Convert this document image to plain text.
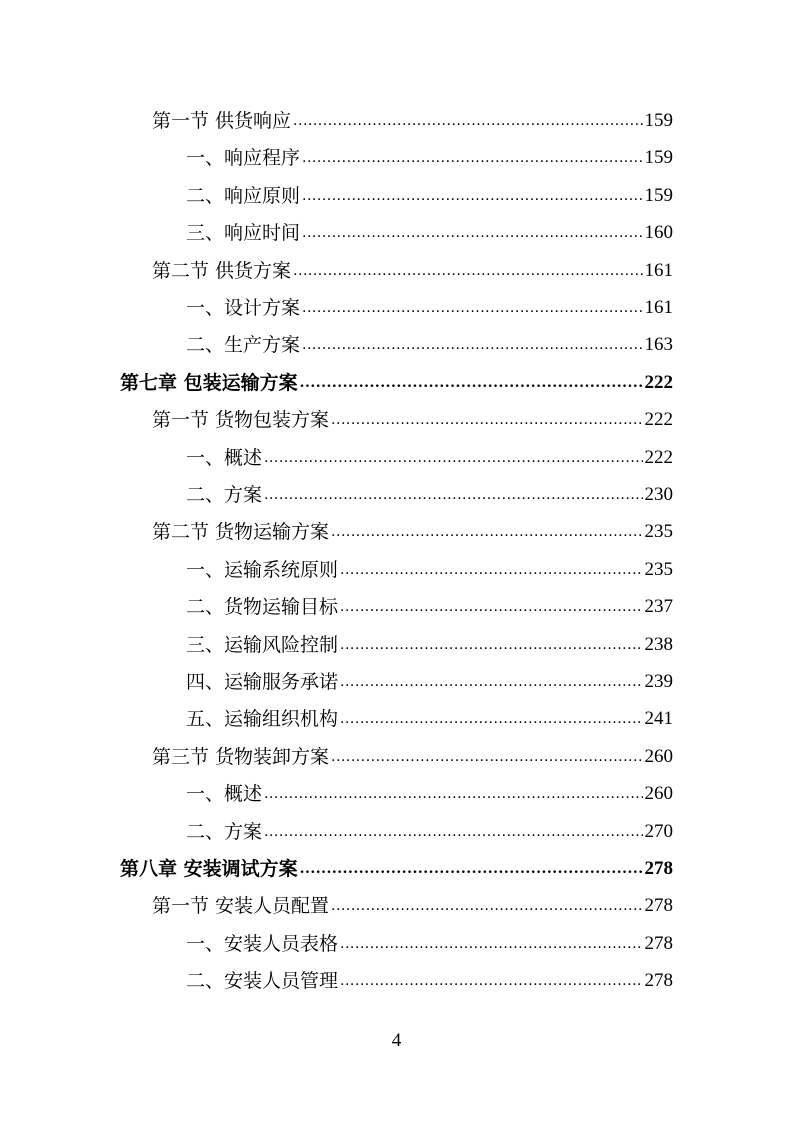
第一节 供货响应 .....	159
一、响应程序 .....	159
二、响应原则 .....	159
三、响应时间 .....	160
第二节 供货方案 .....	161
一、设计方案 .....	161
二、生产方案 .....	163
第七章 包装运输方案 .....	222
第一节 货物包装方案 .....	222
一、概述 .....	222
二、方案 .....	230
第二节 货物运输方案 .....	235
一、运输系统原则 .....	235
二、货物运输目标 .....	237
三、运输风险控制 .....	238
四、运输服务承诺 .....	239
五、运输组织机构 .....	241
第三节 货物装卸方案 .....	260
一、概述 .....	260
二、方案 .....	270
第八章 安装调试方案 .....	278
第一节 安装人员配置 .....	278
一、安装人员表格 .....	278
二、安装人员管理 .....	278
4
